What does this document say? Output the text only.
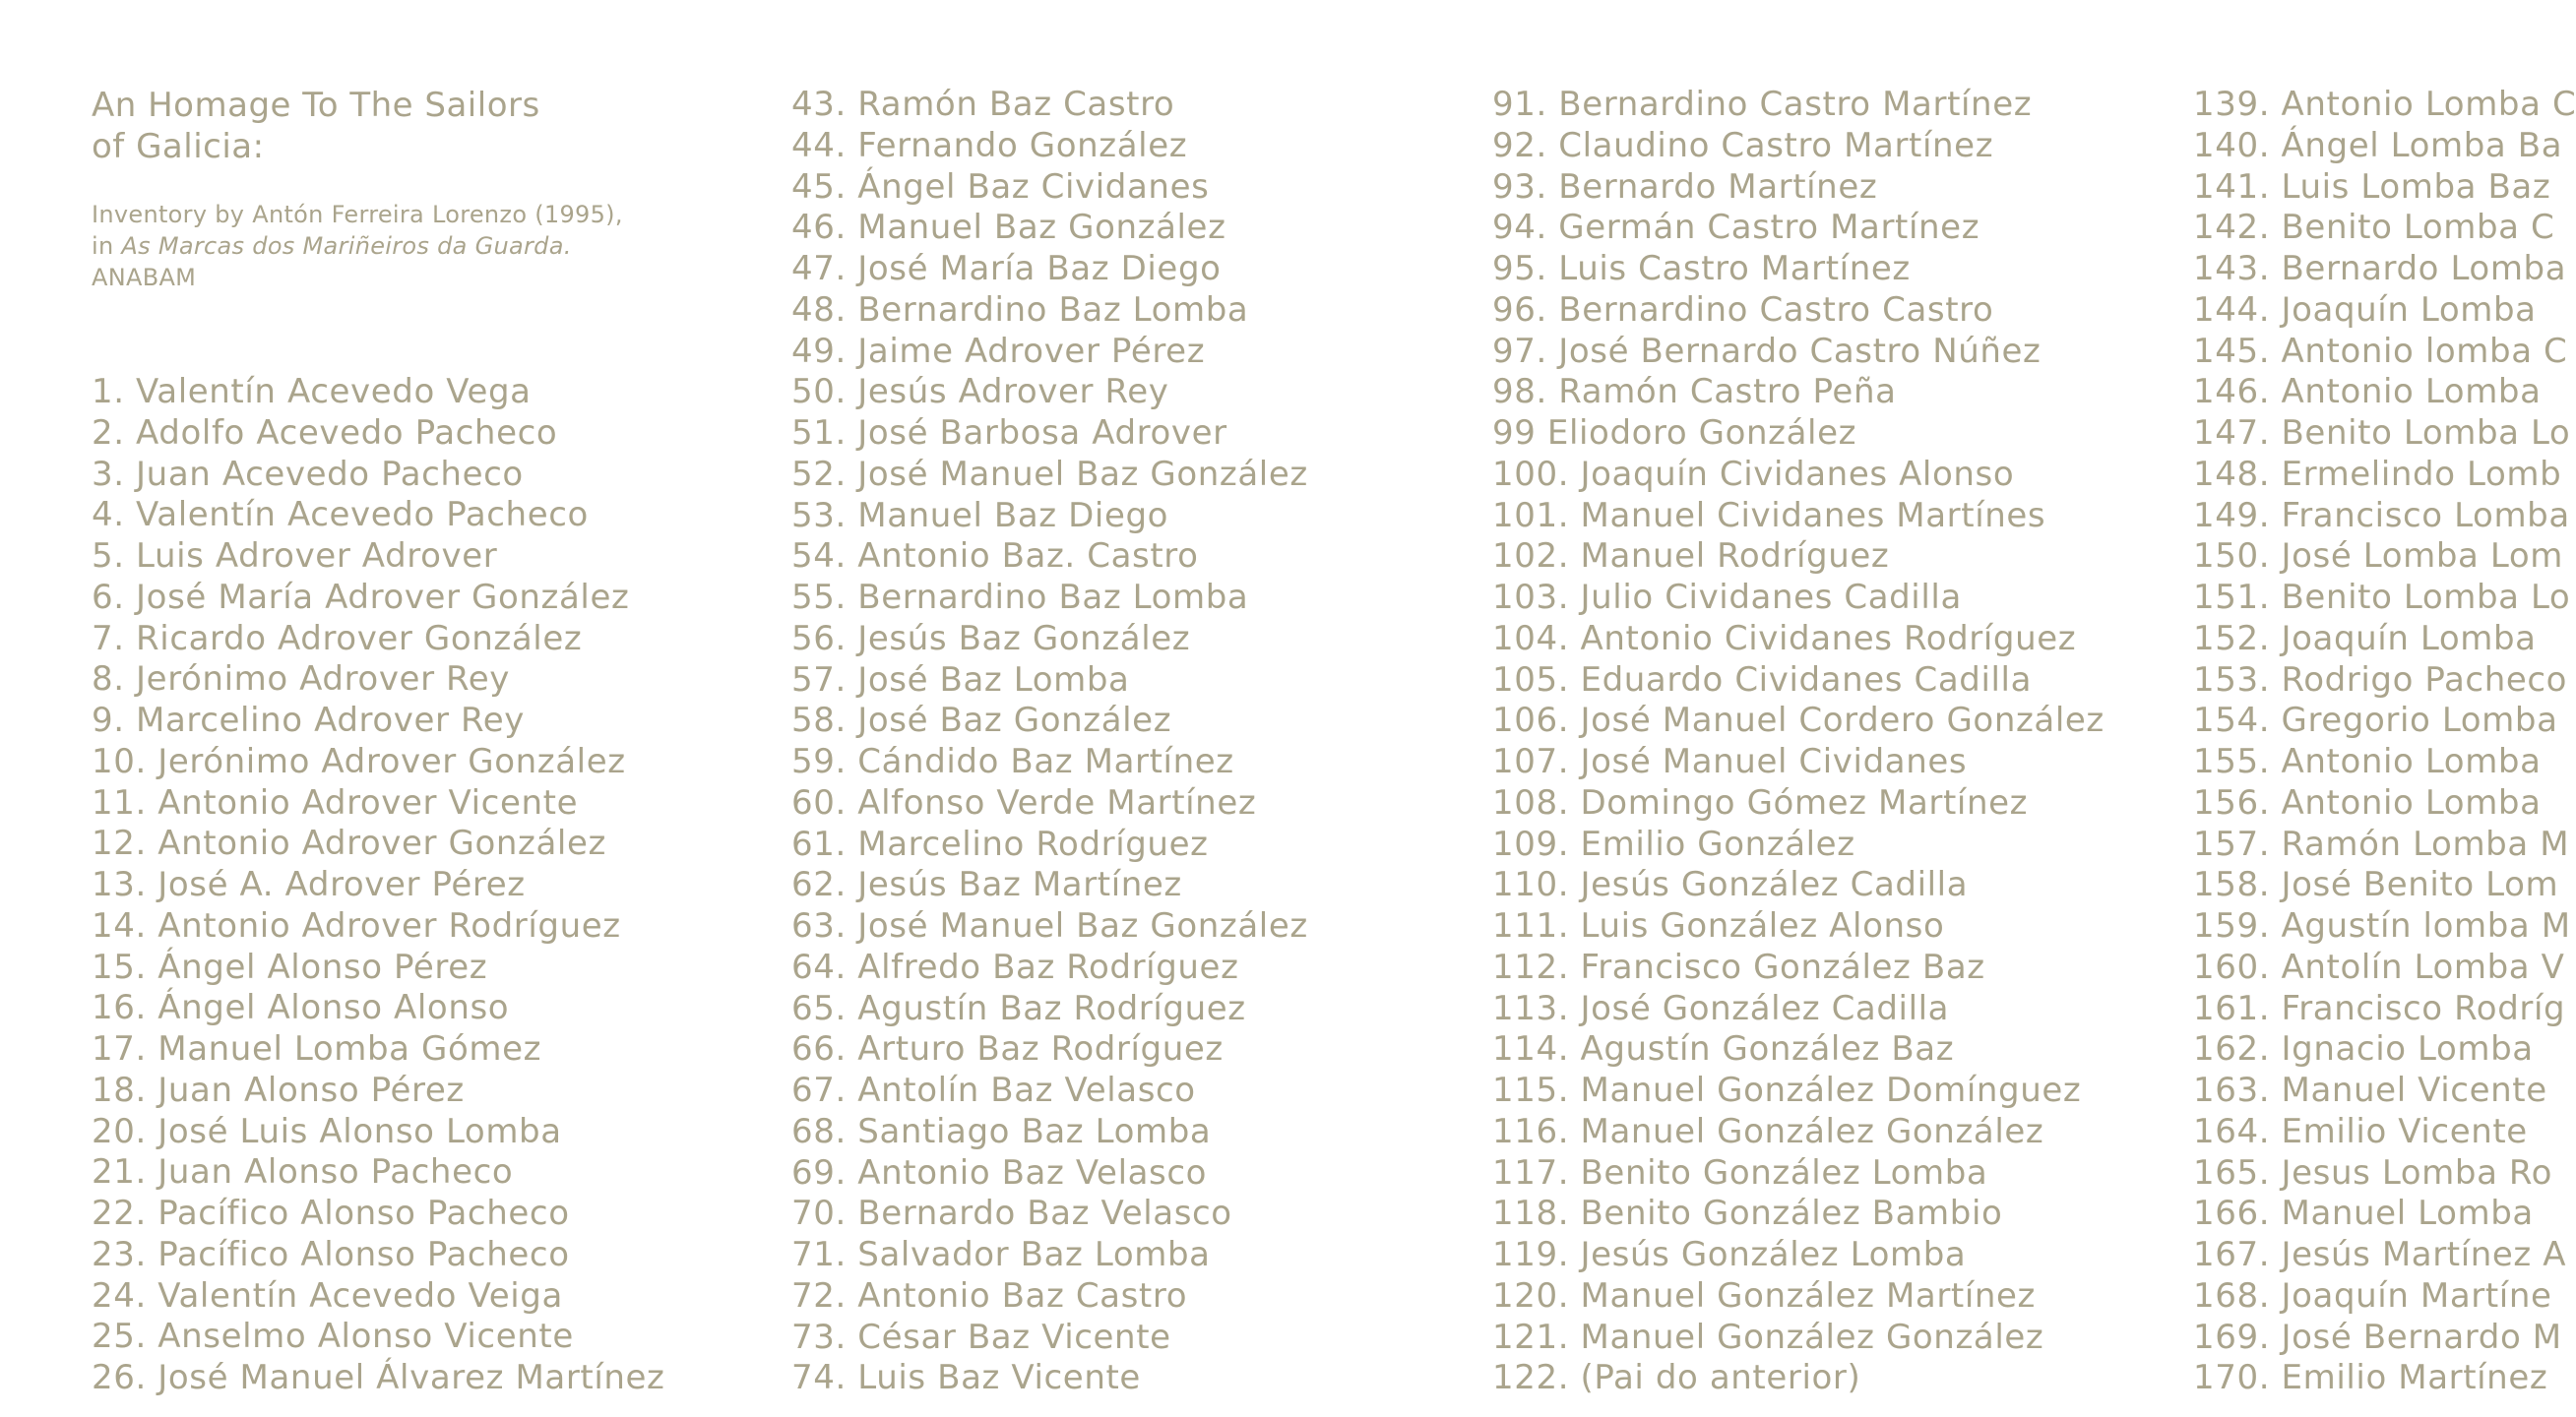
An Homage To The Sailors
of Galicia:
Inventory by Antón Ferreira Lorenzo (1995),
in As Marcas dos Mariñeiros da Guarda.
ANABAM
1. Valentín Acevedo Vega
2. Adolfo Acevedo Pacheco
3. Juan Acevedo Pacheco
4. Valentín Acevedo Pacheco
5. Luis Adrover Adrover
6. José María Adrover González
7. Ricardo Adrover González
8. Jerónimo Adrover Rey
9. Marcelino Adrover Rey
10. Jerónimo Adrover González
11. Antonio Adrover Vicente
12. Antonio Adrover González
13. José A. Adrover Pérez
14. Antonio Adrover Rodríguez
15. Ángel Alonso Pérez
16. Ángel Alonso Alonso
17. Manuel Lomba Gómez
18. Juan Alonso Pérez
20. José Luis Alonso Lomba
21. Juan Alonso Pacheco
22. Pacífico Alonso Pacheco
23. Pacífico Alonso Pacheco
24. Valentín Acevedo Veiga
25. Anselmo Alonso Vicente
26. José Manuel Álvarez Martínez
43. Ramón Baz Castro
44. Fernando González
45. Ángel Baz Cividanes
46. Manuel Baz González
47. José María Baz Diego
48. Bernardino Baz Lomba
49. Jaime Adrover Pérez
50. Jesús Adrover Rey
51. José Barbosa Adrover
52. José Manuel Baz González
53. Manuel Baz Diego
54. Antonio Baz. Castro
55. Bernardino Baz Lomba
56. Jesús Baz González
57. José Baz Lomba
58. José Baz González
59. Cándido Baz Martínez
60. Alfonso Verde Martínez
61. Marcelino Rodríguez
62. Jesús Baz Martínez
63. José Manuel Baz González
64. Alfredo Baz Rodríguez
65. Agustín Baz Rodríguez
66. Arturo Baz Rodríguez
67. Antolín Baz Velasco
68. Santiago Baz Lomba
69. Antonio Baz Velasco
70. Bernardo Baz Velasco
71. Salvador Baz Lomba
72. Antonio Baz Castro
73. César Baz Vicente
74. Luis Baz Vicente
91. Bernardino Castro Martínez
92. Claudino Castro Martínez
93. Bernardo Martínez
94. Germán Castro Martínez
95. Luis Castro Martínez
96. Bernardino Castro Castro
97. José Bernardo Castro Núñez
98. Ramón Castro Peña
99 Eliodoro González
100. Joaquín Cividanes Alonso
101. Manuel Cividanes Martínes
102. Manuel Rodríguez
103. Julio Cividanes Cadilla
104. Antonio Cividanes Rodríguez
105. Eduardo Cividanes Cadilla
106. José Manuel Cordero González
107. José Manuel Cividanes
108. Domingo Gómez Martínez
109. Emilio González
110. Jesús González Cadilla
111. Luis González Alonso
112. Francisco González Baz
113. José González Cadilla
114. Agustín González Baz
115. Manuel González Domínguez
116. Manuel González González
117. Benito González Lomba
118. Benito González Bambio
119. Jesús González Lomba
120. Manuel González Martínez
121. Manuel González González
122. (Pai do anterior)
139. Antonio Lomba C
140. Ángel Lomba Ba
141. Luis Lomba Baz
142. Benito Lomba C
143. Bernardo Lomba
144. Joaquín Lomba
145. Antonio lomba C
146. Antonio Lomba
147. Benito Lomba Lo
148. Ermelindo Lomb
149. Francisco Lomba
150. José Lomba Lom
151. Benito Lomba Lo
152. Joaquín Lomba
153. Rodrigo Pacheco
154. Gregorio Lomba
155. Antonio Lomba
156. Antonio Lomba
157. Ramón Lomba M
158. José Benito Lom
159. Agustín lomba M
160. Antolín Lomba V
161. Francisco Rodríg
162. Ignacio Lomba
163. Manuel Vicente
164. Emilio Vicente
165. Jesus Lomba Ro
166. Manuel Lomba
167. Jesús Martínez A
168. Joaquín Martíne
169. José Bernardo M
170. Emilio Martínez
